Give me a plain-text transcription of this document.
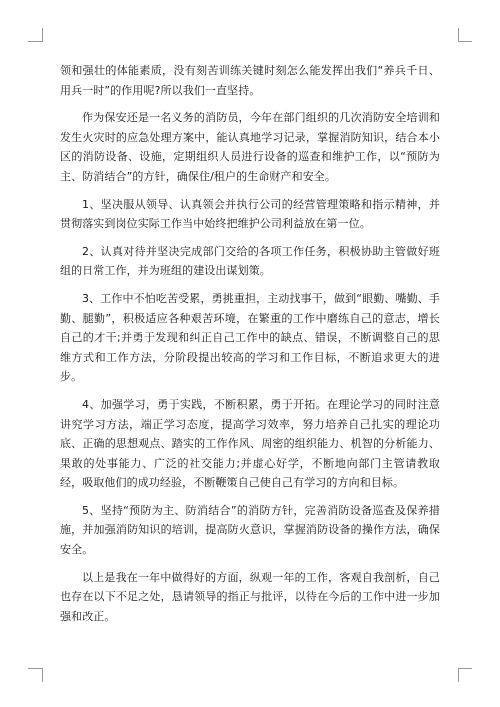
领和强壮的体能素质，没有刻苦训练关键时刻怎么能发挥出我们“养兵千日、用兵一时”的作用呢?所以我们一直坚持。

作为保安还是一名义务的消防员，今年在部门组织的几次消防安全培训和发生火灾时的应急处理方案中，能认真地学习记录，掌握消防知识，结合本小区的消防设备、设施，定期组织人员进行设备的巡查和维护工作，以“预防为主、防消结合”的方针，确保住/租户的生命财产和安全。

1、坚决服从领导、认真领会并执行公司的经营管理策略和指示精神，并贯彻落实到岗位实际工作当中始终把维护公司利益放在第一位。

2、认真对待并坚决完成部门交给的各项工作任务，积极协助主管做好班组的日常工作，并为班组的建设出谋划策。

3、工作中不怕吃苦受累，勇挑重担，主动找事干，做到“眼勤、嘴勤、手勤、腿勤”，积极适应各种艰苦环境，在繁重的工作中磨练自己的意志，增长自己的才干;并勇于发现和纠正自己工作中的缺点、错误，不断调整自己的思维方式和工作方法，分阶段提出较高的学习和工作目标，不断追求更大的进步。

4、加强学习，勇于实践，不断积累，勇于开拓。在理论学习的同时注意讲究学习方法，端正学习态度，提高学习效率，努力培养自己扎实的理论功底、正确的思想观点、踏实的工作作风、周密的组织能力、机智的分析能力、果敢的处事能力、广泛的社交能力;并虚心好学，不断地向部门主管请教取经，吸取他们的成功经验，不断鞭策自己使自己有学习的方向和目标。

5、坚持“预防为主、防消结合”的消防方针，完善消防设备巡查及保养措施，并加强消防知识的培训，提高防火意识，掌握消防设备的操作方法，确保安全。

以上是我在一年中做得好的方面，纵观一年的工作，客观自我剖析，自己也存在以下不足之处，恳请领导的指正与批评，以待在今后的工作中进一步加强和改正。
